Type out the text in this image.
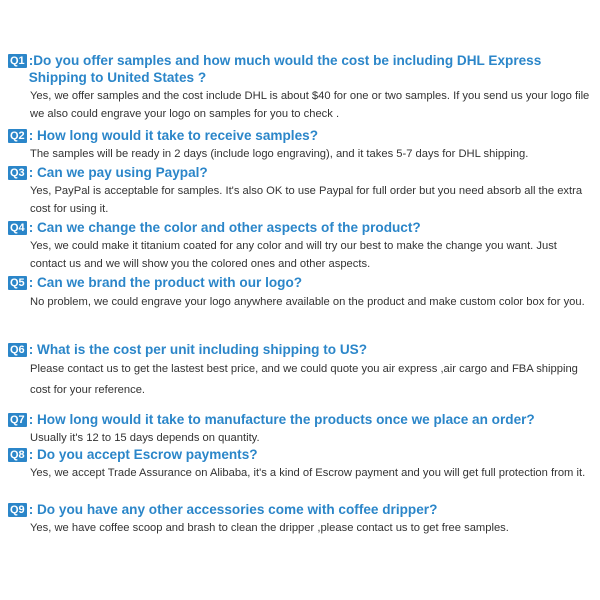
Q1 :Do you offer samples and how much would the cost be including DHL Express Shipping to United States ?
Yes, we offer samples and the cost include DHL is about $40 for one or two samples. If you send us your logo file we also could engrave your logo on samples for you to check .
Q2 : How long would it take to receive samples?
The samples will be ready in 2 days (include logo engraving), and it takes 5-7 days for DHL shipping.
Q3 : Can we pay using Paypal?
Yes, PayPal is acceptable for samples. It's also OK to use Paypal for full order but you need absorb all the extra cost for using it.
Q4 : Can we change the color and other aspects of the product?
Yes, we could make it titanium coated for any color and will try our best to make the change you want. Just contact us and we will show you the colored ones and other aspects.
Q5 : Can we brand the product with our logo?
No problem, we could engrave your logo anywhere available on the product and make custom color box for you.
Q6 : What is the cost per unit including shipping to US?
Please contact us to get the lastest best price, and we could quote you air express ,air cargo and FBA shipping cost for your reference.
Q7 : How long would it take to manufacture the products once we place an order?
Usually it's 12 to 15 days depends on quantity.
Q8 : Do you accept Escrow payments?
Yes, we accept Trade Assurance on Alibaba, it's a kind of Escrow payment and you will get full protection from it.
Q9 : Do you have any other accessories come with coffee dripper?
Yes, we have coffee scoop and brash to clean the dripper ,please contact us to get free samples.
